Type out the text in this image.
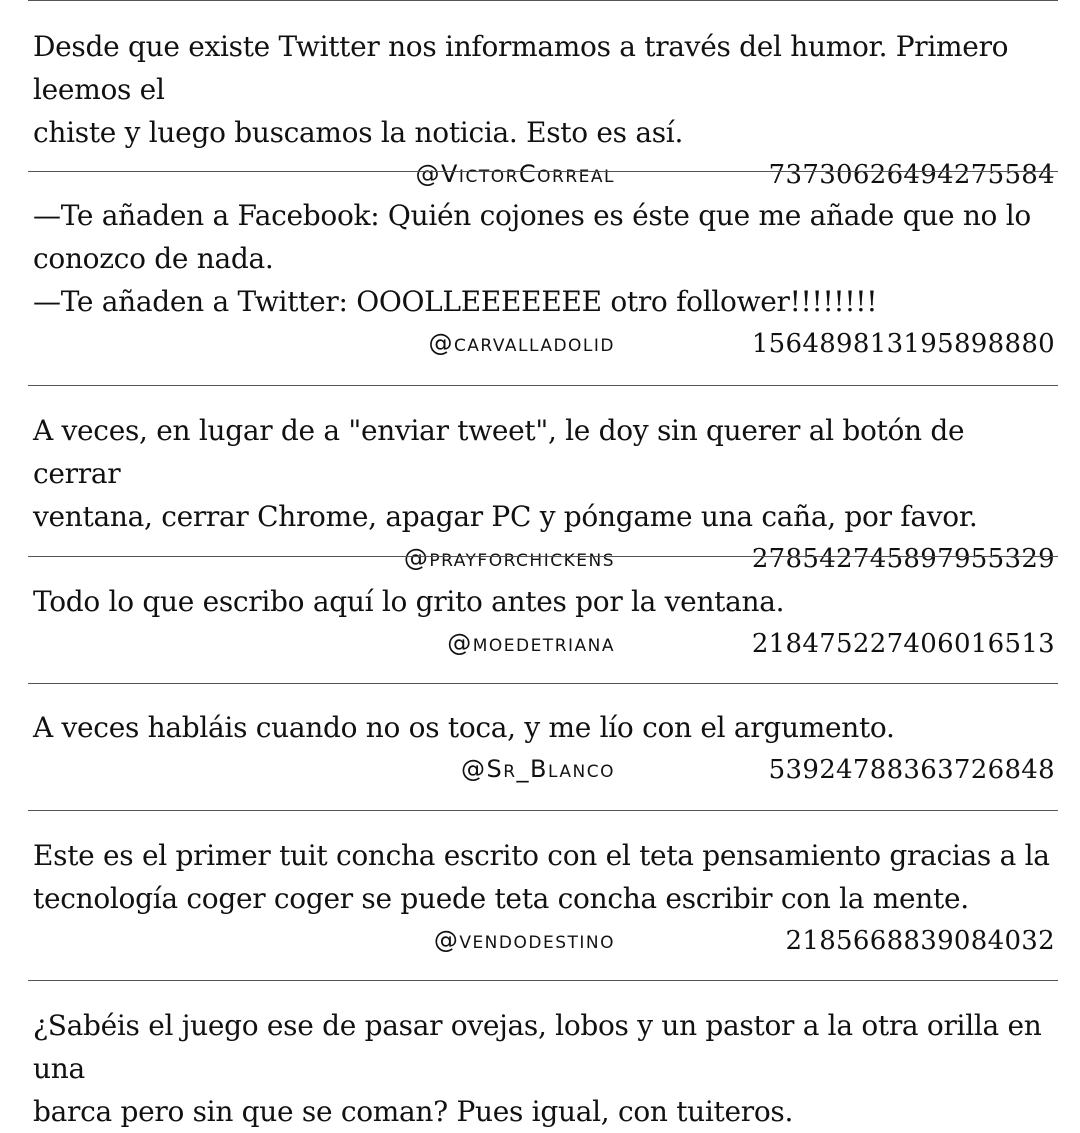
Desde que existe Twitter nos informamos a través del humor. Primero leemos el
chiste y luego buscamos la noticia. Esto es así.

@VictorCorreal	73730626494275584

—Te añaden a Facebook: Quién cojones es éste que me añade que no lo
conozco de nada.
—Te añaden a Twitter: OOOLLEEEEEEE otro follower!!!!!!!!

@carvalladolid	156489813195898880

A veces, en lugar de a "enviar tweet", le doy sin querer al botón de cerrar
ventana, cerrar Chrome, apagar PC y póngame una caña, por favor.

@prayforchickens	278542745897955329

Todo lo que escribo aquí lo grito antes por la ventana.

@moedetriana	218475227406016513

A veces habláis cuando no os toca, y me lío con el argumento.

@Sr_Blanco	53924788363726848

Este es el primer tuit concha escrito con el teta pensamiento gracias a la
tecnología coger coger se puede teta concha escribir con la mente.

@vendodestino	2185668839084032

¿Sabéis el juego ese de pasar ovejas, lobos y un pastor a la otra orilla en una
barca pero sin que se coman? Pues igual, con tuiteros.
